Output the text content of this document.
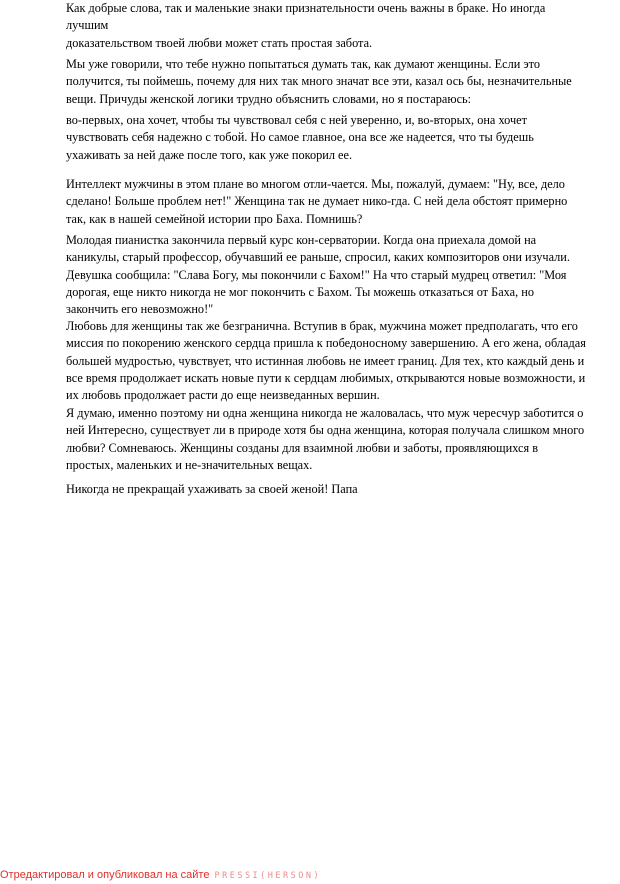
Как добрые слова, так и маленькие знаки признательности очень важны в браке. Но иногда
лучшим
доказательством твоей любви может стать простая забота.

Мы уже говорили, что тебе нужно попытаться думать так, как думают женщины. Если это
получится, ты поймешь, почему для них так много значат все эти, казал ось бы, незначительные
вещи. Причуды женской логики трудно объяснить словами, но я постараюсь:

во-первых, она хочет, чтобы ты чувствовал себя с ней уверенно, и, во-вторых, она хочет
чувствовать себя надежно с тобой. Но самое главное, она все же надеется, что ты будешь
ухаживать за ней даже после того, как уже покорил ее.

Интеллект мужчины в этом плане во многом отли-чается. Мы, пожалуй, думаем: "Ну, все, дело
сделано! Больше проблем нет!" Женщина так не думает нико-гда. С ней дела обстоят примерно
так, как в нашей семейной истории про Баха. Помнишь?

Молодая пианистка закончила первый курс кон-серватории. Когда она приехала домой на
каникулы, старый профессор, обучавший ее раньше, спросил, каких композиторов они изучали.
Девушка сообщила: "Слава Богу, мы покончили с Бахом!" На что старый мудрец ответил: "Моя
дорогая, еще никто никогда не мог покончить с Бахом. Ты можешь отказаться от Баха, но
закончить его невозможно!"

Любовь для женщины так же безгранична. Вступив в брак, мужчина может предполагать, что его
миссия по покорению женского сердца пришла к победоносному завершению. А его жена, обладая
большей мудростью, чувствует, что истинная любовь не имеет границ. Для тех, кто каждый день и
все время продолжает искать новые пути к сердцам любимых, открываются новые возможности, и
их любовь продолжает расти до еще неизведанных вершин.

Я думаю, именно поэтому ни одна женщина никогда не жаловалась, что муж чересчур заботится о
ней Интересно, существует ли в природе хотя бы одна женщина, которая получала слишком много
любви? Сомневаюсь. Женщины созданы для взаимной любви и заботы, проявляющихся в
простых, маленьких и не-значительных вещах.

Никогда не прекращай ухаживать за своей женой! Папа

Отредактировал и опубликовал на сайте PRESSI(HERSON)
